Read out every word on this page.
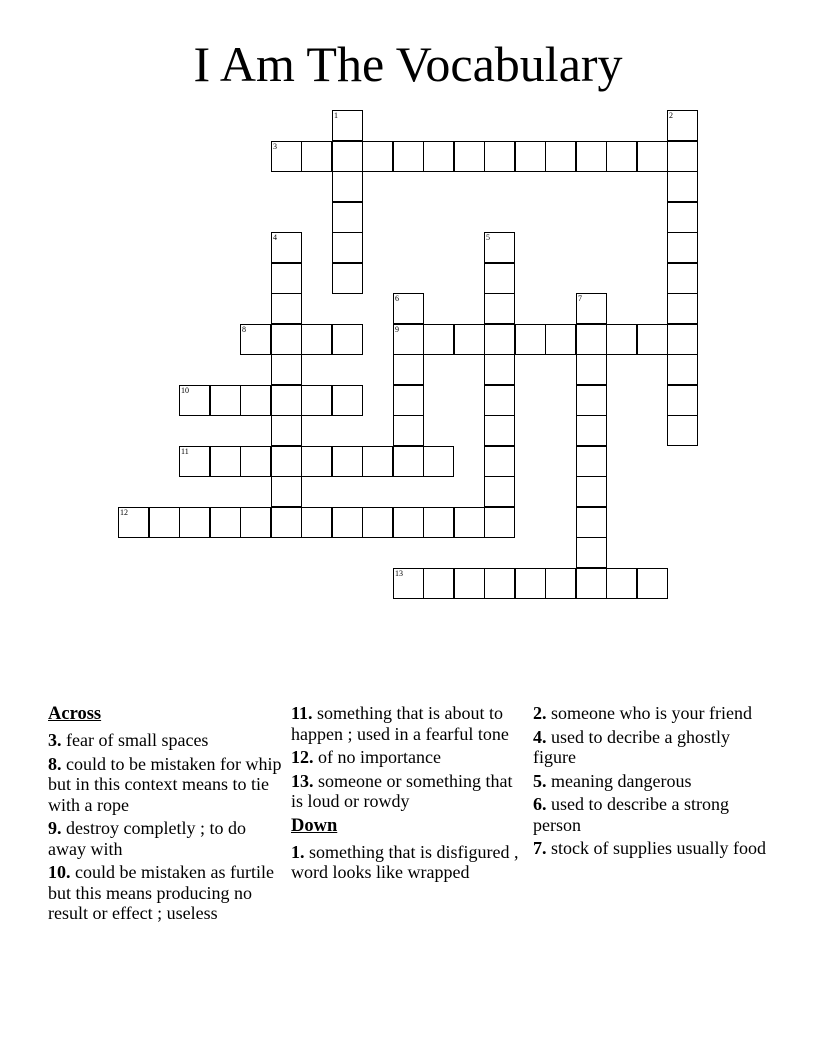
I Am The Vocabulary
1	2
3
4	5
6
9
7
8
10
11
12
13
Across
3. fear of small spaces
8. could to be mistaken for whip but in this context means to tie with a rope
9. destroy completly ; to do away with
10. could be mistaken as furtile but this means producing no result or effect ; useless
11. something that is about to happen ; used in a fearful tone
12. of no importance
13. someone or something that is loud or rowdy
Down
1. something that is disfigured , word looks like wrapped
2. someone who is your friend
4. used to decribe a ghostly figure
5. meaning dangerous
6. used to describe a strong person
7. stock of supplies usually food
